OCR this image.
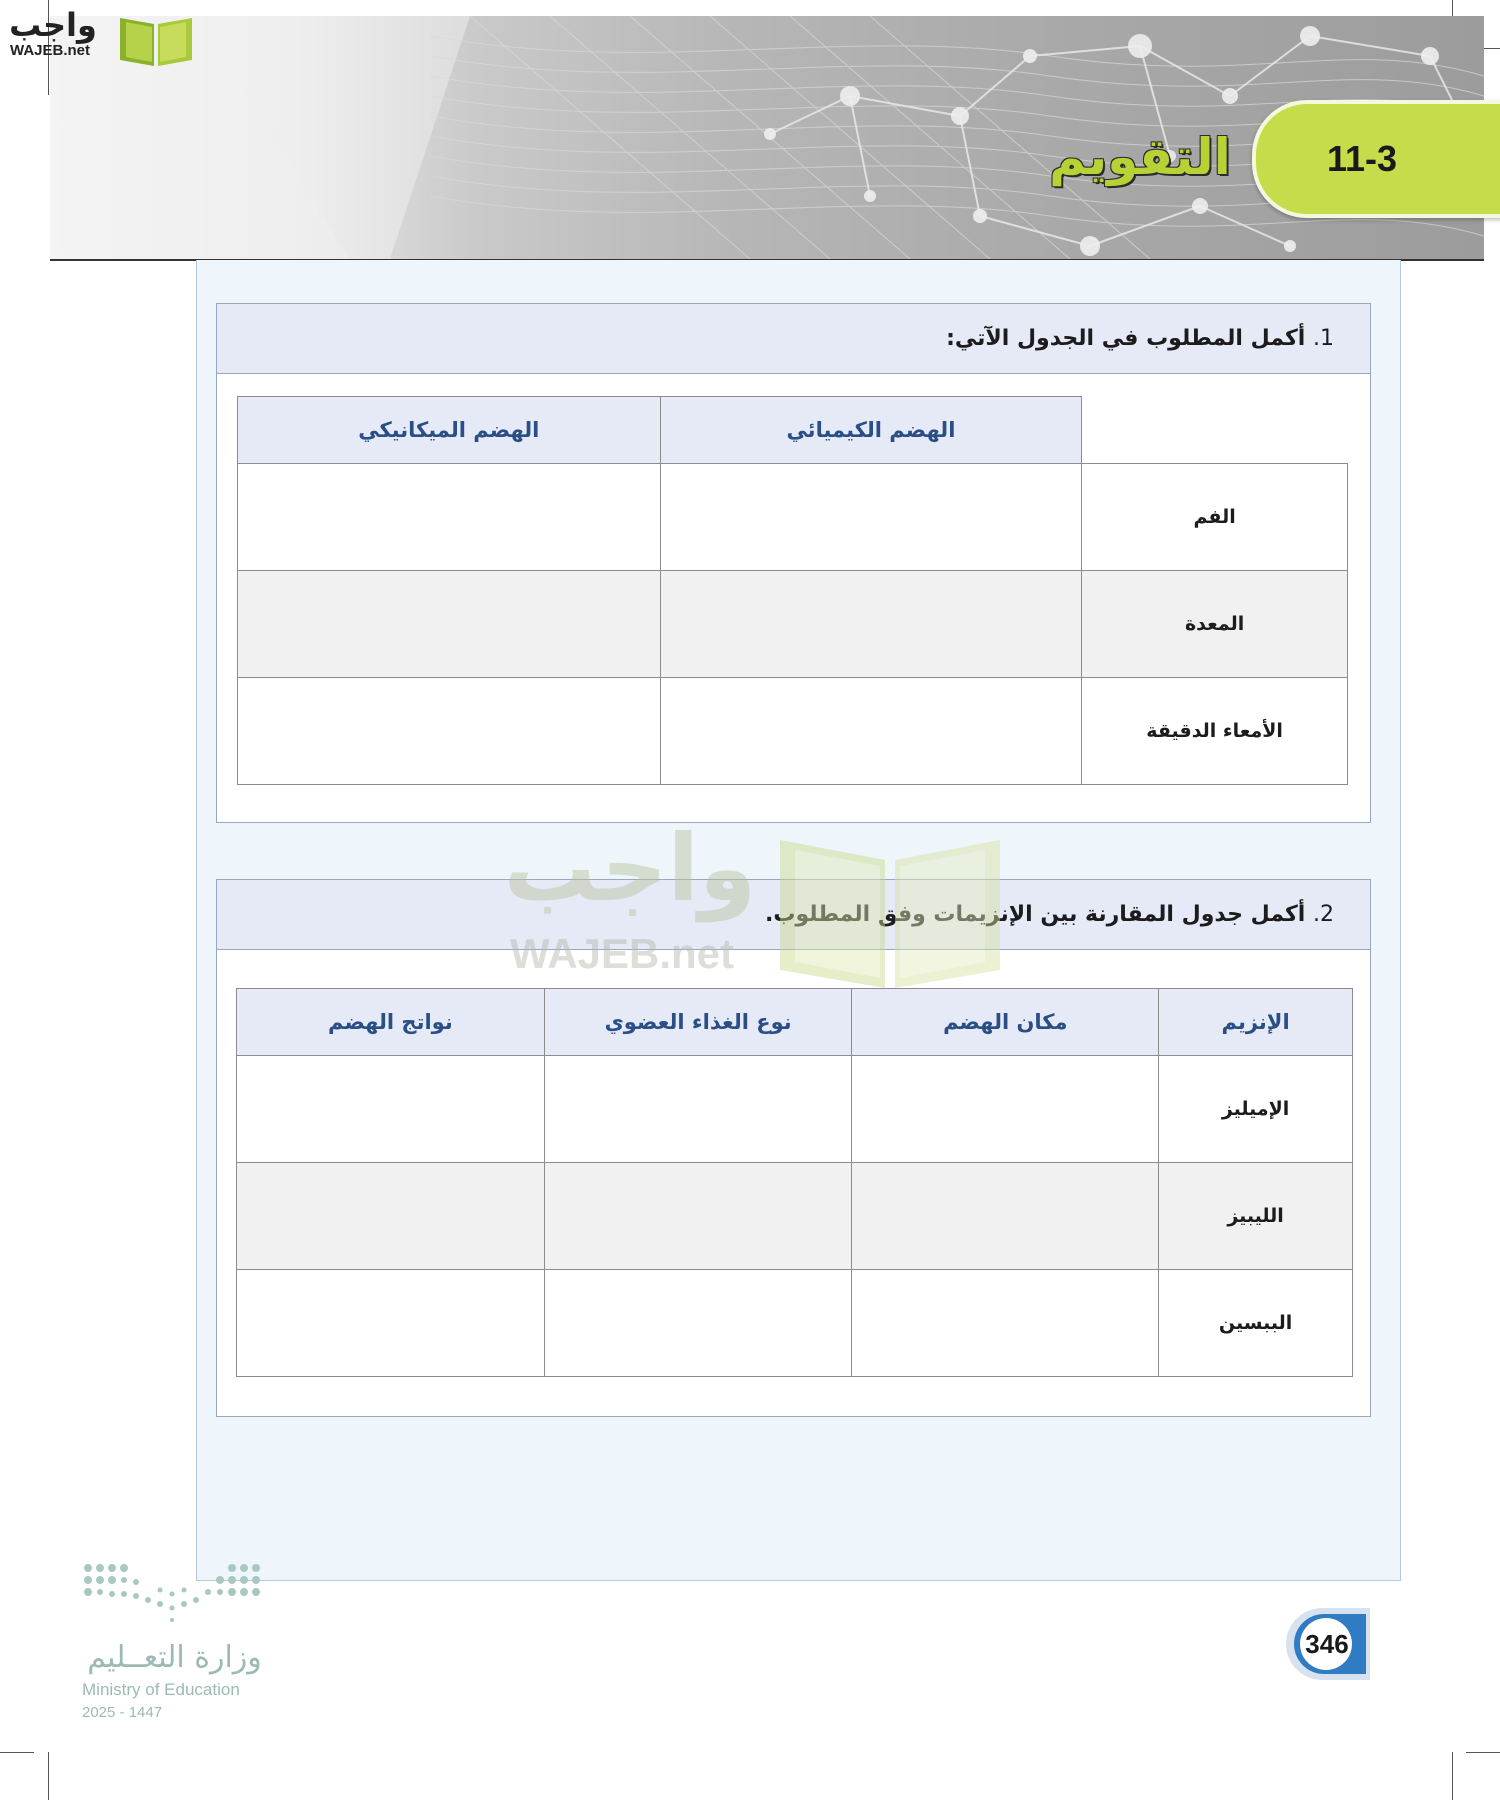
11-3
التقويم
واجب
WAJEB.net
1. أكمل المطلوب في الجدول الآتي:
	الهضم الكيميائي	الهضم الميكانيكي
الفم		
المعدة		
الأمعاء الدقيقة		
2. أكمل جدول المقارنة بين الإنزيمات وفق المطلوب.
الإنزيم	مكان الهضم	نوع الغذاء العضوي	نواتج الهضم
الإميليز			
الليبيز			
الببسين			
واجب
WAJEB.net
وزارة التعــليم
Ministry of Education
2025 - 1447
346
